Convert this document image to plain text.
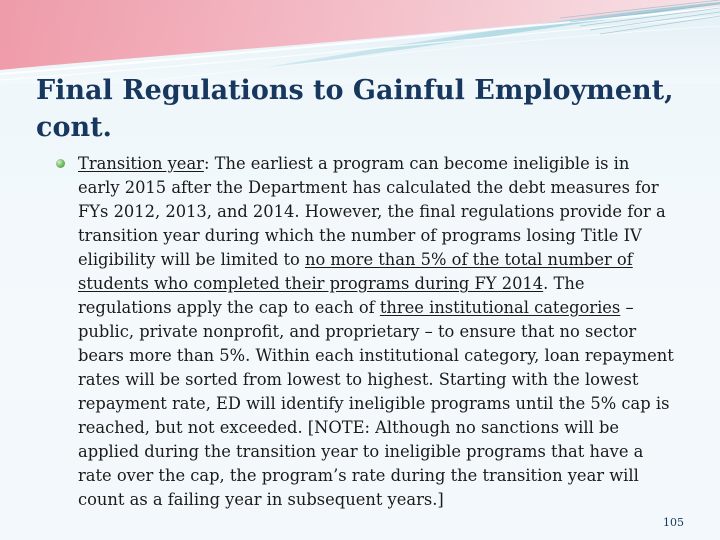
Final Regulations to Gainful Employment, cont.

Transition year: The earliest a program can become ineligible is in early 2015 after the Department has calculated the debt measures for FYs 2012, 2013, and 2014. However, the final regulations provide for a transition year during which the number of programs losing Title IV eligibility will be limited to no more than 5% of the total number of students who completed their programs during FY 2014. The regulations apply the cap to each of three institutional categories – public, private nonprofit, and proprietary – to ensure that no sector bears more than 5%. Within each institutional category, loan repayment rates will be sorted from lowest to highest. Starting with the lowest repayment rate, ED will identify ineligible programs until the 5% cap is reached, but not exceeded. [NOTE: Although no sanctions will be applied during the transition year to ineligible programs that have a rate over the cap, the program’s rate during the transition year will count as a failing year in subsequent years.]

105
